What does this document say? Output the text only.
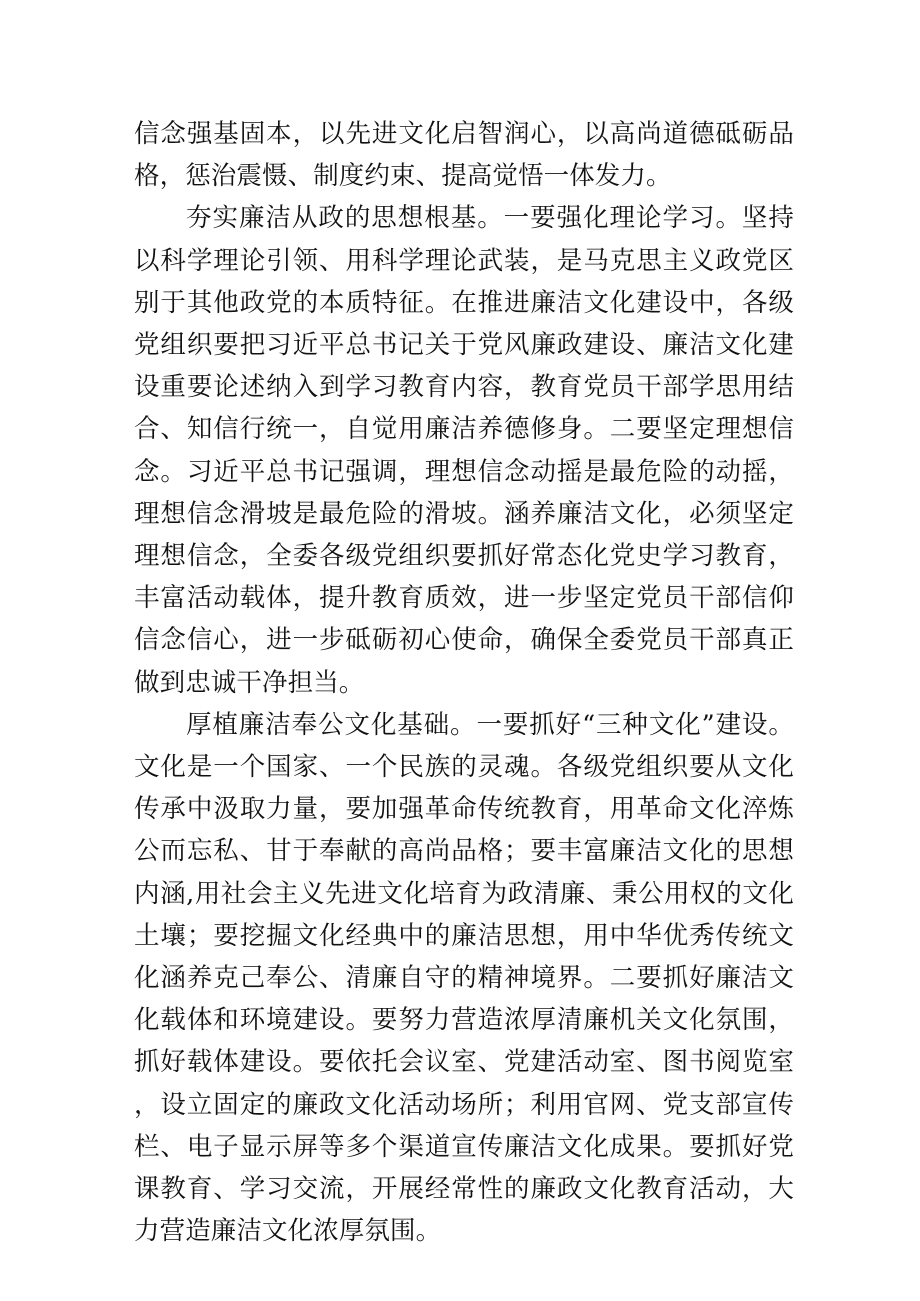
信念强基固本，以先进文化启智润心，以高尚道德砥砺品格，惩治震慑、制度约束、提高觉悟一体发力。

夯实廉洁从政的思想根基。一要强化理论学习。坚持以科学理论引领、用科学理论武装，是马克思主义政党区别于其他政党的本质特征。在推进廉洁文化建设中，各级党组织要把习近平总书记关于党风廉政建设、廉洁文化建设重要论述纳入到学习教育内容，教育党员干部学思用结合、知信行统一，自觉用廉洁养德修身。二要坚定理想信念。习近平总书记强调，理想信念动摇是最危险的动摇，理想信念滑坡是最危险的滑坡。涵养廉洁文化，必须坚定理想信念，全委各级党组织要抓好常态化党史学习教育，丰富活动载体，提升教育质效，进一步坚定党员干部信仰信念信心，进一步砥砺初心使命，确保全委党员干部真正做到忠诚干净担当。

厚植廉洁奉公文化基础。一要抓好“三种文化”建设。文化是一个国家、一个民族的灵魂。各级党组织要从文化传承中汲取力量，要加强革命传统教育，用革命文化淬炼公而忘私、甘于奉献的高尚品格；要丰富廉洁文化的思想内涵,用社会主义先进文化培育为政清廉、秉公用权的文化土壤；要挖掘文化经典中的廉洁思想，用中华优秀传统文化涵养克己奉公、清廉自守的精神境界。二要抓好廉洁文化载体和环境建设。要努力营造浓厚清廉机关文化氛围，抓好载体建设。要依托会议室、党建活动室、图书阅览室，设立固定的廉政文化活动场所；利用官网、党支部宣传栏、电子显示屏等多个渠道宣传廉洁文化成果。要抓好党课教育、学习交流，开展经常性的廉政文化教育活动，大力营造廉洁文化浓厚氛围。
